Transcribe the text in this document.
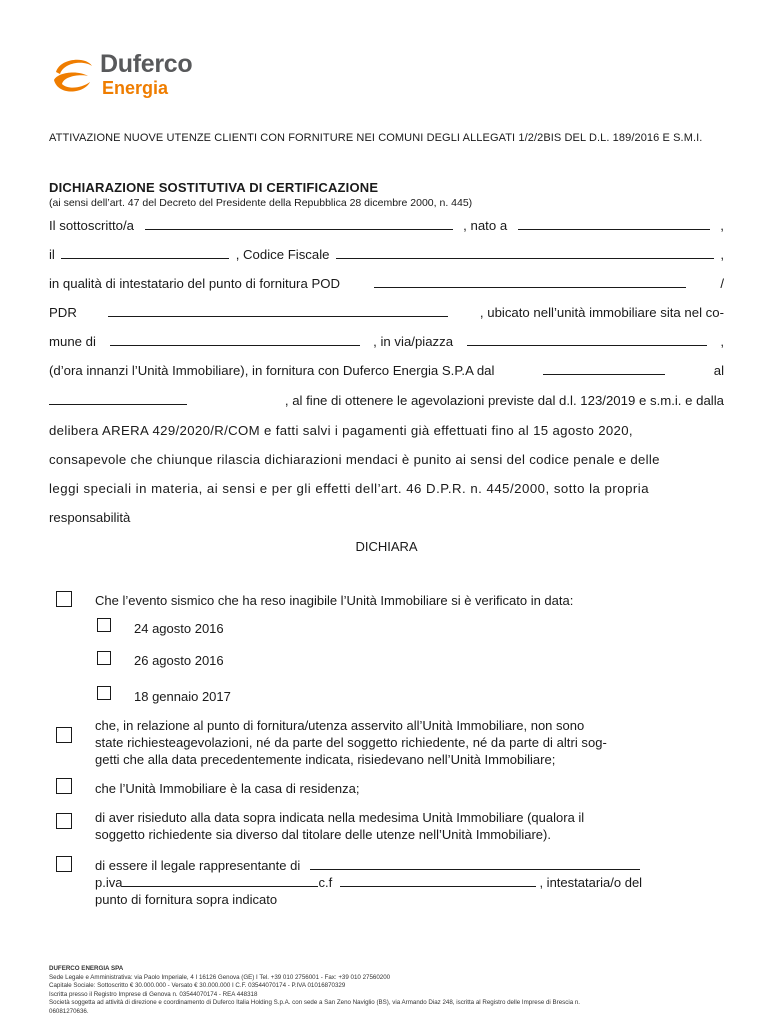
Duferco
Energia
ATTIVAZIONE NUOVE UTENZE CLIENTI CON FORNITURE NEI COMUNI DEGLI ALLEGATI 1/2/2BIS DEL D.L. 189/2016 E S.M.I.
DICHIARAZIONE SOSTITUTIVA DI CERTIFICAZIONE
(ai sensi dell’art. 47 del Decreto del Presidente della Repubblica 28 dicembre 2000, n. 445)
Il sottoscritto/a	, nato a	,
il	, Codice Fiscale	,
in qualità di intestatario del punto di fornitura POD	/
PDR	, ubicato nell’unità immobiliare sita nel co-
mune di	, in via/piazza	,
(d’ora innanzi l’Unità Immobiliare), in fornitura con Duferco Energia S.P.A dal	al
, al fine di ottenere le agevolazioni previste dal d.l. 123/2019 e s.m.i. e dalla
delibera ARERA 429/2020/R/COM e fatti salvi i pagamenti già effettuati fino al 15 agosto 2020,
consapevole che chiunque rilascia dichiarazioni mendaci è punito ai sensi del codice penale e delle
leggi speciali in materia, ai sensi e per gli effetti dell’art. 46 D.P.R. n. 445/2000, sotto la propria
responsabilità
DICHIARA
Che l’evento sismico che ha reso inagibile l’Unità Immobiliare si è verificato in data:
24 agosto 2016
26 agosto 2016
18 gennaio 2017
che, in relazione al punto di fornitura/utenza asservito all’Unità Immobiliare, non sono
state richiesteagevolazioni, né da parte del soggetto richiedente, né da parte di altri sog-
getti che alla data precedentemente indicata, risiedevano nell’Unità Immobiliare;
che l’Unità Immobiliare è la casa di residenza;
di aver risieduto alla data sopra indicata nella medesima Unità Immobiliare (qualora il
soggetto richiedente sia diverso dal titolare delle utenze nell’Unità Immobiliare).
di essere il legale rappresentante di
p.iva	c.f	, intestataria/o del
punto di fornitura sopra indicato
DUFERCO ENERGIA SPA
Sede Legale e Amministrativa: via Paolo Imperiale, 4 I 16126 Genova (GE) I Tel. +39 010 2756001 - Fax: +39 010 27560200
Capitale Sociale: Sottoscritto € 30.000.000 - Versato € 30.000.000 I C.F. 03544070174 - P.IVA 01016870329
Iscritta presso il Registro Imprese di Genova n. 03544070174 - REA 448318
Società soggetta ad attività di direzione e coordinamento di Duferco Italia Holding S.p.A. con sede a San Zeno Naviglio (BS), via Armando Diaz 248, iscritta al Registro delle Imprese di Brescia n.
06081270636.
